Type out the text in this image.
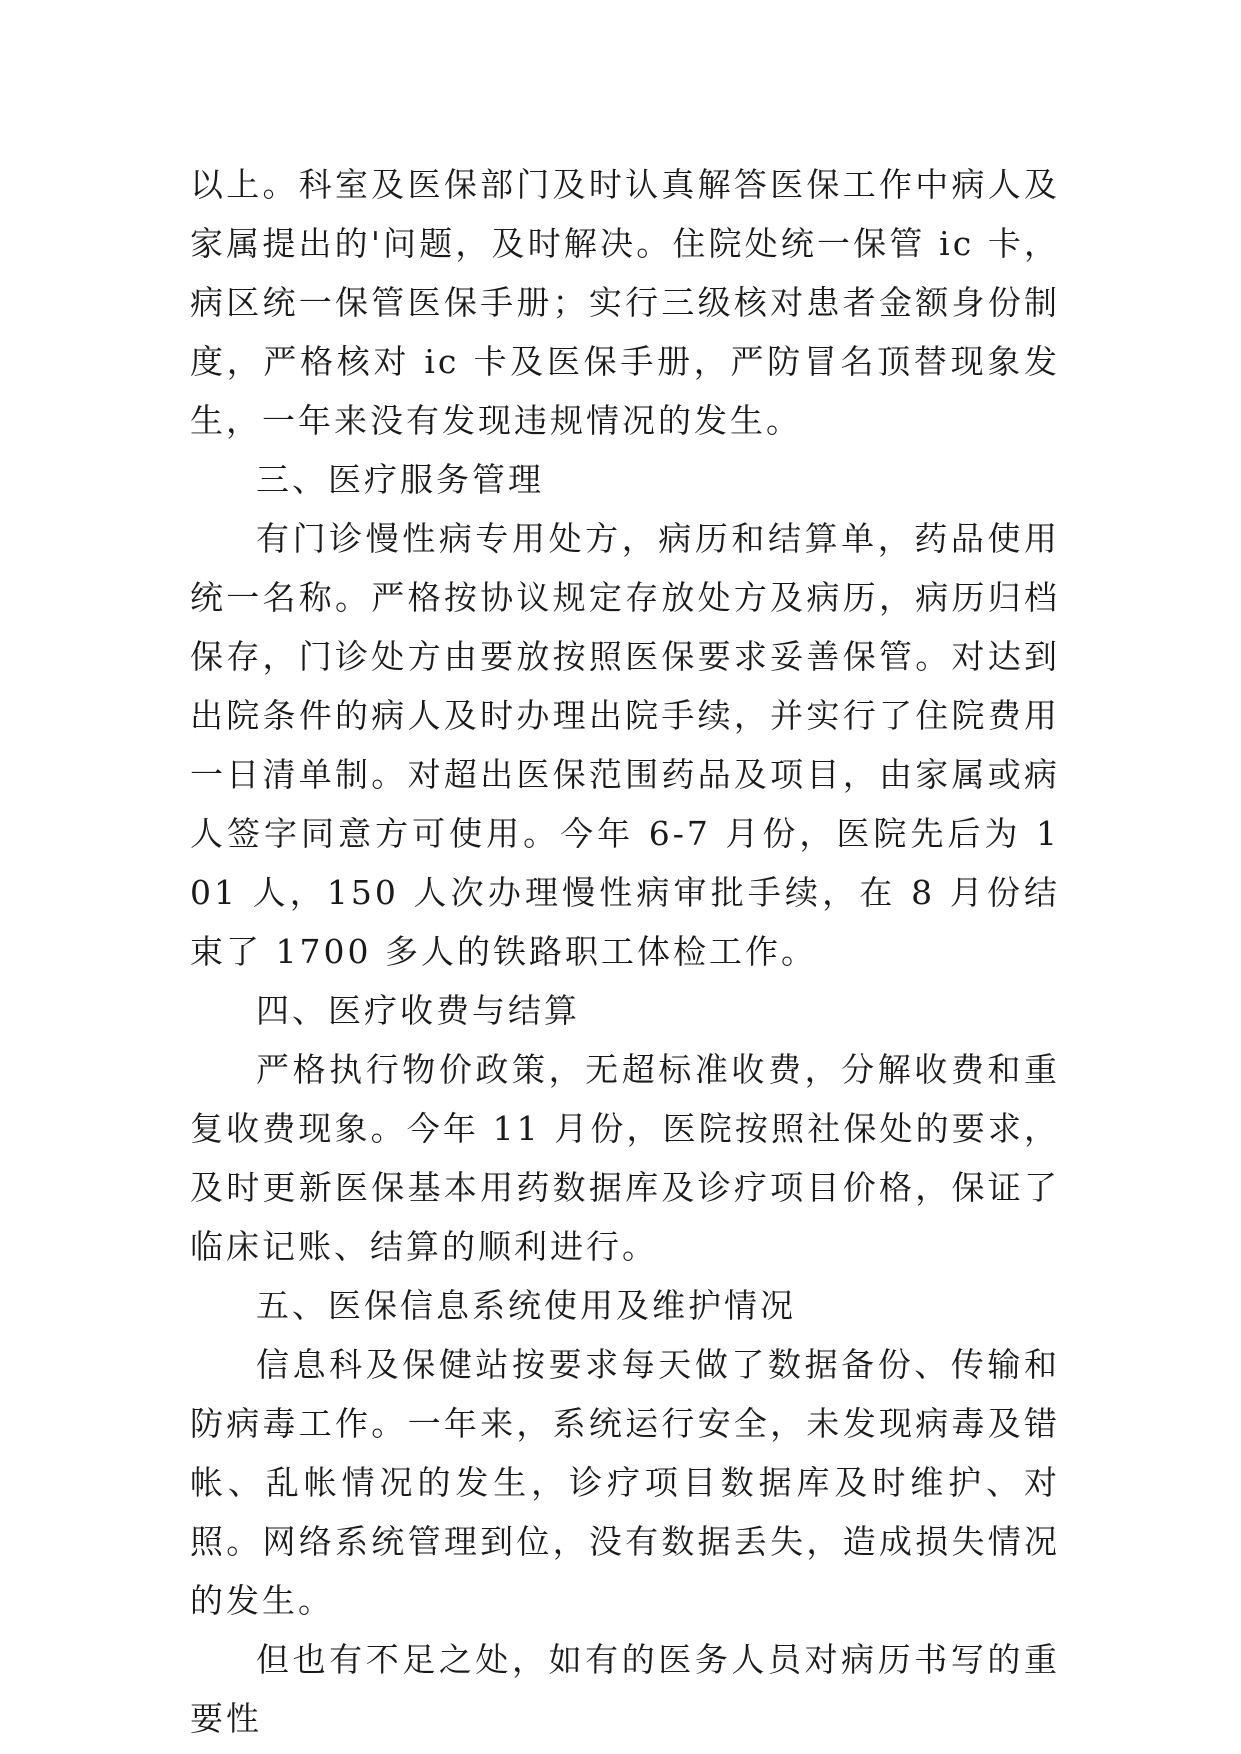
以上。科室及医保部门及时认真解答医保工作中病人及家属提出的'问题，及时解决。住院处统一保管 ic 卡，病区统一保管医保手册；实行三级核对患者金额身份制度，严格核对 ic 卡及医保手册，严防冒名顶替现象发生，一年来没有发现违规情况的发生。

三、医疗服务管理

有门诊慢性病专用处方，病历和结算单，药品使用统一名称。严格按协议规定存放处方及病历，病历归档保存，门诊处方由要放按照医保要求妥善保管。对达到出院条件的病人及时办理出院手续，并实行了住院费用一日清单制。对超出医保范围药品及项目，由家属或病人签字同意方可使用。今年 6-7 月份，医院先后为 101 人，150 人次办理慢性病审批手续，在 8 月份结束了 1700 多人的铁路职工体检工作。

四、医疗收费与结算

严格执行物价政策，无超标准收费，分解收费和重复收费现象。今年 11 月份，医院按照社保处的要求，及时更新医保基本用药数据库及诊疗项目价格，保证了临床记账、结算的顺利进行。

五、医保信息系统使用及维护情况

信息科及保健站按要求每天做了数据备份、传输和防病毒工作。一年来，系统运行安全，未发现病毒及错帐、乱帐情况的发生，诊疗项目数据库及时维护、对照。网络系统管理到位，没有数据丢失，造成损失情况的发生。

但也有不足之处，如有的医务人员对病历书写的重要性
